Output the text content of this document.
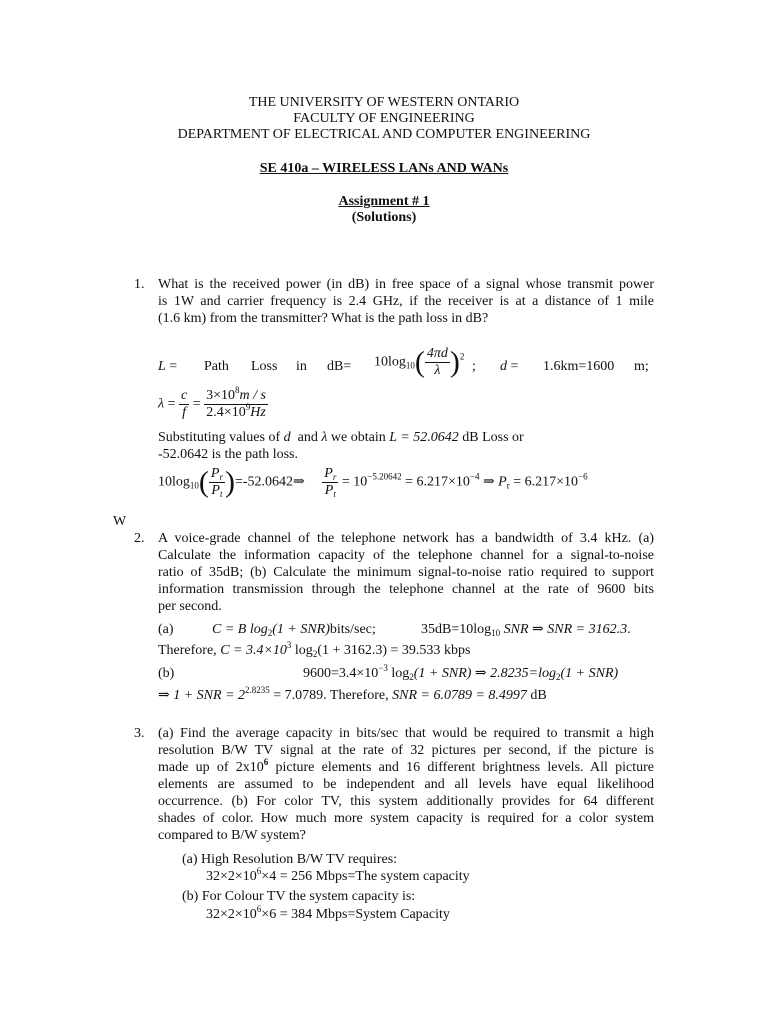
THE UNIVERSITY OF WESTERN ONTARIO
FACULTY OF ENGINEERING
DEPARTMENT OF ELECTRICAL AND COMPUTER ENGINEERING
SE 410a – WIRELESS LANs AND WANs
Assignment # 1
(Solutions)
1. What is the received power (in dB) in free space of a signal whose transmit power
is 1W and carrier frequency is 2.4 GHz, if the receiver is at a distance of 1 mile
(1.6 km) from the transmitter? What is the path loss in dB?
L = Path Loss in $dB= 10\log_{10}( \frac{4\pi d}{\lambda} )^2$
; d = 1.6km=1600 m;
$\lambda = \frac{c}{f} = \frac{3\times 10^8m / s}{2.4\times 10^9Hz}$
Substituting values of d and λ we obtain L = 52.0642 dB Loss or
-52.0642 is the path loss.
$10\log_{10}( \frac{P_r}{P_t}$ )=-52.0642⇒ $\frac{P_r}{P_t} = 10^{-5.20642} = 6.217\times 10^{-4}$ ⇒ $P_r = 6.217\times 10^{-6}$
W
2. A voice-grade channel of the telephone network has a bandwidth of 3.4 kHz. (a)
Calculate the information capacity of the telephone channel for a signal-to-noise
ratio of 35dB; (b) Calculate the minimum signal-to-noise ratio required to support
information transmission through the telephone channel at the rate of 9600 bits
per second.
(a)	C = B $\log_2(1$ + SNR)bits/sec;	$35dB=10\log_{10}$ SNR ⇒ SNR = 3162.3.
Therefore, $C = 3.4\times 10^3$ $\log_2(1 + 3162.3) = 39.533$ kbps
(b)	$9600=3.4\times 10^{-3}$ $\log_2(1 + SNR)$ ⇒ $2.8235=\log_2(1 + SNR)$
⇒ 1 + SNR = $2^{2.8235} = 7.0789$. Therefore, SNR = 6.0789 = 8.4997 dB
3. (a) Find the average capacity in bits/sec that would be required to transmit a high
resolution B/W TV signal at the rate of 32 pictures per second, if the picture is
made up of $2x10^6$ picture elements and 16 different brightness levels. All picture
elements are assumed to be independent and all levels have equal likelihood
occurrence. (b) For color TV, this system additionally provides for 64 different
shades of color. How much more system capacity is required for a color system
compared to B/W system?
(a) High Resolution B/W TV requires:
$32\times 2\times 10^6\times 4 = 256$ Mbps=The system capacity
(b) For Colour TV the system capacity is:
$32\times 2\times 10^6\times 6 = 384$ Mbps=System Capacity
